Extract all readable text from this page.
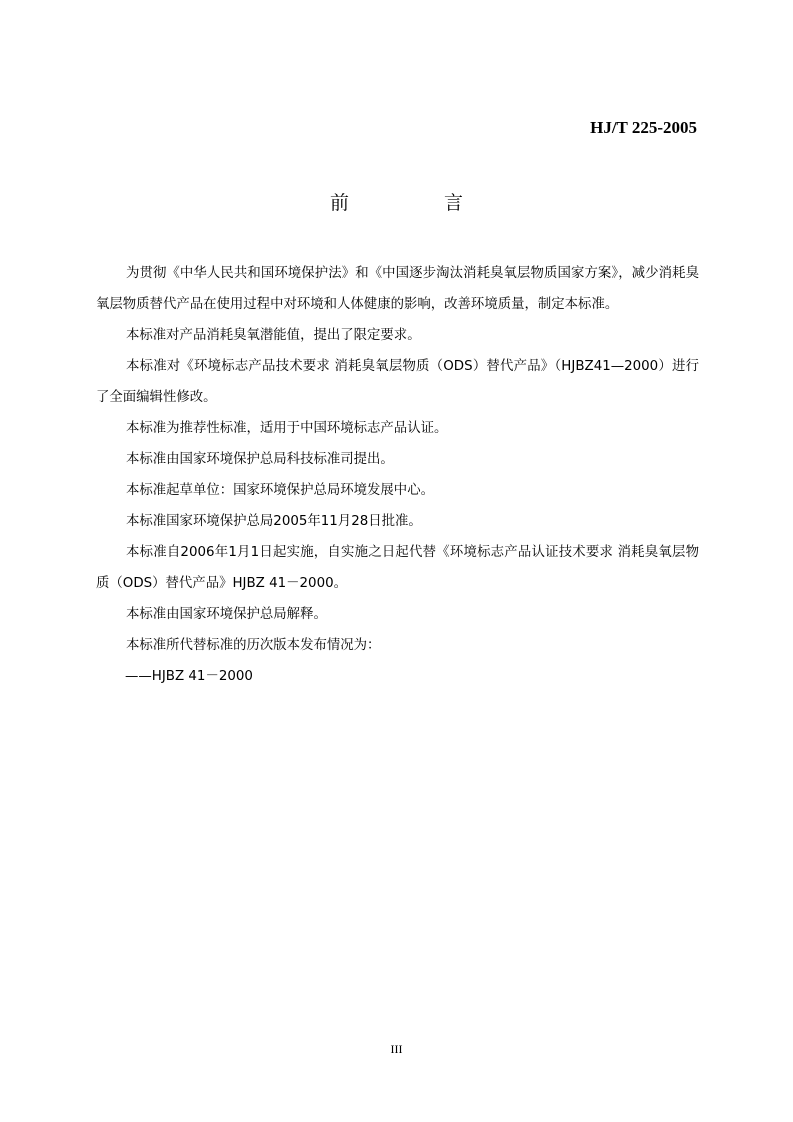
HJ/T 225-2005
前　言

为贯彻《中华人民共和国环境保护法》和《中国逐步淘汰消耗臭氧层物质国家方案》，减少消耗臭氧层物质替代产品在使用过程中对环境和人体健康的影响，改善环境质量，制定本标准。

本标准对产品消耗臭氧潜能值，提出了限定要求。

本标准对《环境标志产品技术要求 消耗臭氧层物质（ODS）替代产品》（HJBZ41—2000）进行了全面编辑性修改。

本标准为推荐性标准，适用于中国环境标志产品认证。

本标准由国家环境保护总局科技标准司提出。

本标准起草单位：国家环境保护总局环境发展中心。

本标准国家环境保护总局2005年11月28日批准。

本标准自2006年1月1日起实施，自实施之日起代替《环境标志产品认证技术要求 消耗臭氧层物质（ODS）替代产品》HJBZ 41－2000。

本标准由国家环境保护总局解释。

本标准所代替标准的历次版本发布情况为：

——HJBZ 41－2000

III
